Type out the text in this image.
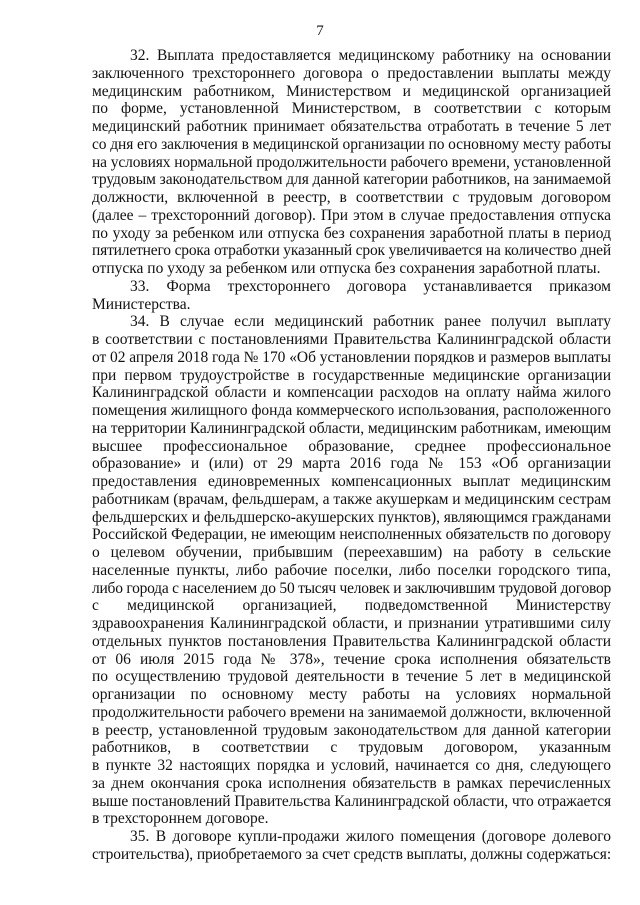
7
32. Выплата предоставляется медицинскому работнику на основании
заключенного трехстороннего договора о предоставлении выплаты между
медицинским работником, Министерством и медицинской организацией
по форме, установленной Министерством, в соответствии с которым
медицинский работник принимает обязательства отработать в течение 5 лет
со дня его заключения в медицинской организации по основному месту работы
на условиях нормальной продолжительности рабочего времени, установленной
трудовым законодательством для данной категории работников, на занимаемой
должности, включенной в реестр, в соответствии с трудовым договором
(далее – трехсторонний договор). При этом в случае предоставления отпуска
по уходу за ребенком или отпуска без сохранения заработной платы в период
пятилетнего срока отработки указанный срок увеличивается на количество дней
отпуска по уходу за ребенком или отпуска без сохранения заработной платы.
33. Форма трехстороннего договора устанавливается приказом
Министерства.
34. В случае если медицинский работник ранее получил выплату
в соответствии с постановлениями Правительства Калининградской области
от 02 апреля 2018 года № 170 «Об установлении порядков и размеров выплаты
при первом трудоустройстве в государственные медицинские организации
Калининградской области и компенсации расходов на оплату найма жилого
помещения жилищного фонда коммерческого использования, расположенного
на территории Калининградской области, медицинским работникам, имеющим
высшее профессиональное образование, среднее профессиональное
образование» и (или) от 29 марта 2016 года № 153 «Об организации
предоставления единовременных компенсационных выплат медицинским
работникам (врачам, фельдшерам, а также акушеркам и медицинским сестрам
фельдшерских и фельдшерско-акушерских пунктов), являющимся гражданами
Российской Федерации, не имеющим неисполненных обязательств по договору
о целевом обучении, прибывшим (переехавшим) на работу в сельские
населенные пункты, либо рабочие поселки, либо поселки городского типа,
либо города с населением до 50 тысяч человек и заключившим трудовой договор
с медицинской организацией, подведомственной Министерству
здравоохранения Калининградской области, и признании утратившими силу
отдельных пунктов постановления Правительства Калининградской области
от 06 июля 2015 года № 378», течение срока исполнения обязательств
по осуществлению трудовой деятельности в течение 5 лет в медицинской
организации по основному месту работы на условиях нормальной
продолжительности рабочего времени на занимаемой должности, включенной
в реестр, установленной трудовым законодательством для данной категории
работников, в соответствии с трудовым договором, указанным
в пункте 32 настоящих порядка и условий, начинается со дня, следующего
за днем окончания срока исполнения обязательств в рамках перечисленных
выше постановлений Правительства Калининградской области, что отражается
в трехстороннем договоре.
35. В договоре купли-продажи жилого помещения (договоре долевого
строительства), приобретаемого за счет средств выплаты, должны содержаться:
